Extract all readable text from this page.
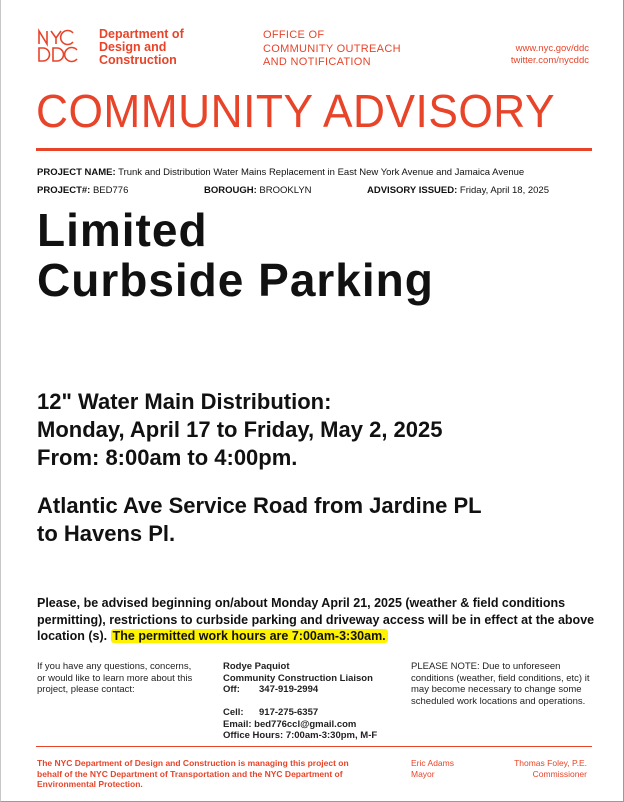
Department of
Design and
Construction
OFFICE OF
COMMUNITY OUTREACH
AND NOTIFICATION
www.nyc.gov/ddc
twitter.com/nycddc
COMMUNITY ADVISORY
PROJECT NAME: Trunk and Distribution Water Mains Replacement in East New York Avenue and Jamaica Avenue
PROJECT#: BED776	BOROUGH: BROOKLYN	ADVISORY ISSUED: Friday, April 18, 2025
Limited
Curbside Parking
12" Water Main Distribution:
Monday, April 17 to Friday, May 2, 2025
From: 8:00am to 4:00pm.
Atlantic Ave Service Road from Jardine PL
to Havens Pl.
Please, be advised beginning on/about Monday April 21, 2025 (weather & field conditions permitting), restrictions to curbside parking and driveway access will be in effect at the above location (s). The permitted work hours are 7:00am-3:30am.
If you have any questions, concerns, or would like to learn more about this project, please contact:
Rodye Paquiot
Community Construction Liaison
Off:	347-919-2994
Cell:	917-275-6357
Email: bed776ccl@gmail.com
Office Hours: 7:00am-3:30pm, M-F
PLEASE NOTE: Due to unforeseen conditions (weather, field conditions, etc) it may become necessary to change some scheduled work locations and operations.
The NYC Department of Design and Construction is managing this project on behalf of the NYC Department of Transportation and the NYC Department of Environmental Protection.
Eric Adams
Mayor
Thomas Foley, P.E.
Commissioner
